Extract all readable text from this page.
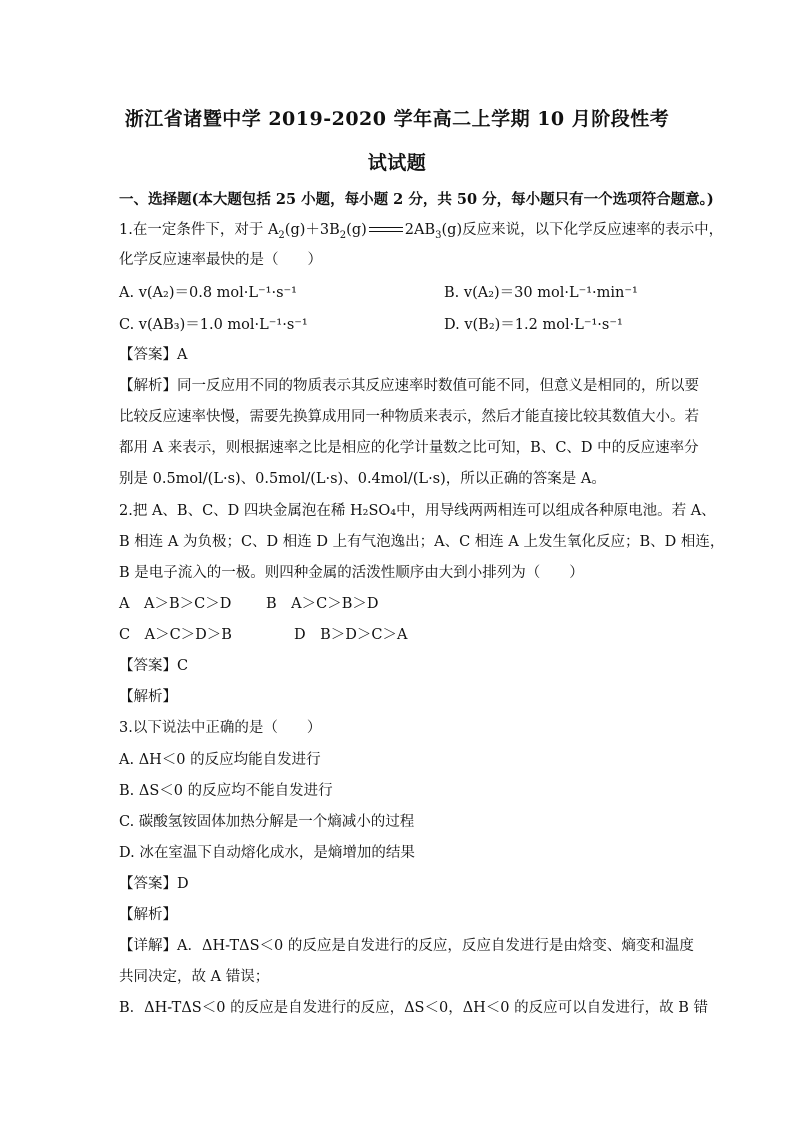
浙江省诸暨中学 2019-2020 学年高二上学期 10 月阶段性考
试试题
一、选择题(本大题包括 25 小题，每小题 2 分，共 50 分，每小题只有一个选项符合题意。)
1.在一定条件下，对于 $A_2(g)+3B_2(g)$	$2AB_3(g)$反应来说，以下化学反应速率的表示中，
化学反应速率最快的是（　　）
A. v(A₂)＝0.8 mol·L⁻¹·s⁻¹	B. v(A₂)＝30 mol·L⁻¹·min⁻¹
C. v(AB₃)＝1.0 mol·L⁻¹·s⁻¹	D. v(B₂)＝1.2 mol·L⁻¹·s⁻¹
【答案】A
【解析】同一反应用不同的物质表示其反应速率时数值可能不同，但意义是相同的，所以要
比较反应速率快慢，需要先换算成用同一种物质来表示，然后才能直接比较其数值大小。若
都用 A 来表示，则根据速率之比是相应的化学计量数之比可知，B、C、D 中的反应速率分
别是 0.5mol/(L·s)、0.5mol/(L·s)、0.4mol/(L·s)，所以正确的答案是 A。
2.把 A、B、C、D 四块金属泡在稀 H₂SO₄中，用导线两两相连可以组成各种原电池。若 A、
B 相连 A 为负极；C、D 相连 D 上有气泡逸出；A、C 相连 A 上发生氧化反应；B、D 相连，
B 是电子流入的一极。则四种金属的活泼性顺序由大到小排列为（　　）
A　A＞B＞C＞D B　A＞C＞B＞D
C　A＞C＞D＞B	D　B＞D＞C＞A
【答案】C
【解析】
3.以下说法中正确的是（　　）
A. ΔH＜0 的反应均能自发进行
B. ΔS＜0 的反应均不能自发进行
C. 碳酸氢铵固体加热分解是一个熵减小的过程
D. 冰在室温下自动熔化成水，是熵增加的结果
【答案】D
【解析】
【详解】A．ΔH-TΔS＜0 的反应是自发进行的反应，反应自发进行是由焓变、熵变和温度
共同决定，故 A 错误；
B．ΔH-TΔS＜0 的反应是自发进行的反应，ΔS＜0，ΔH＜0 的反应可以自发进行，故 B 错
